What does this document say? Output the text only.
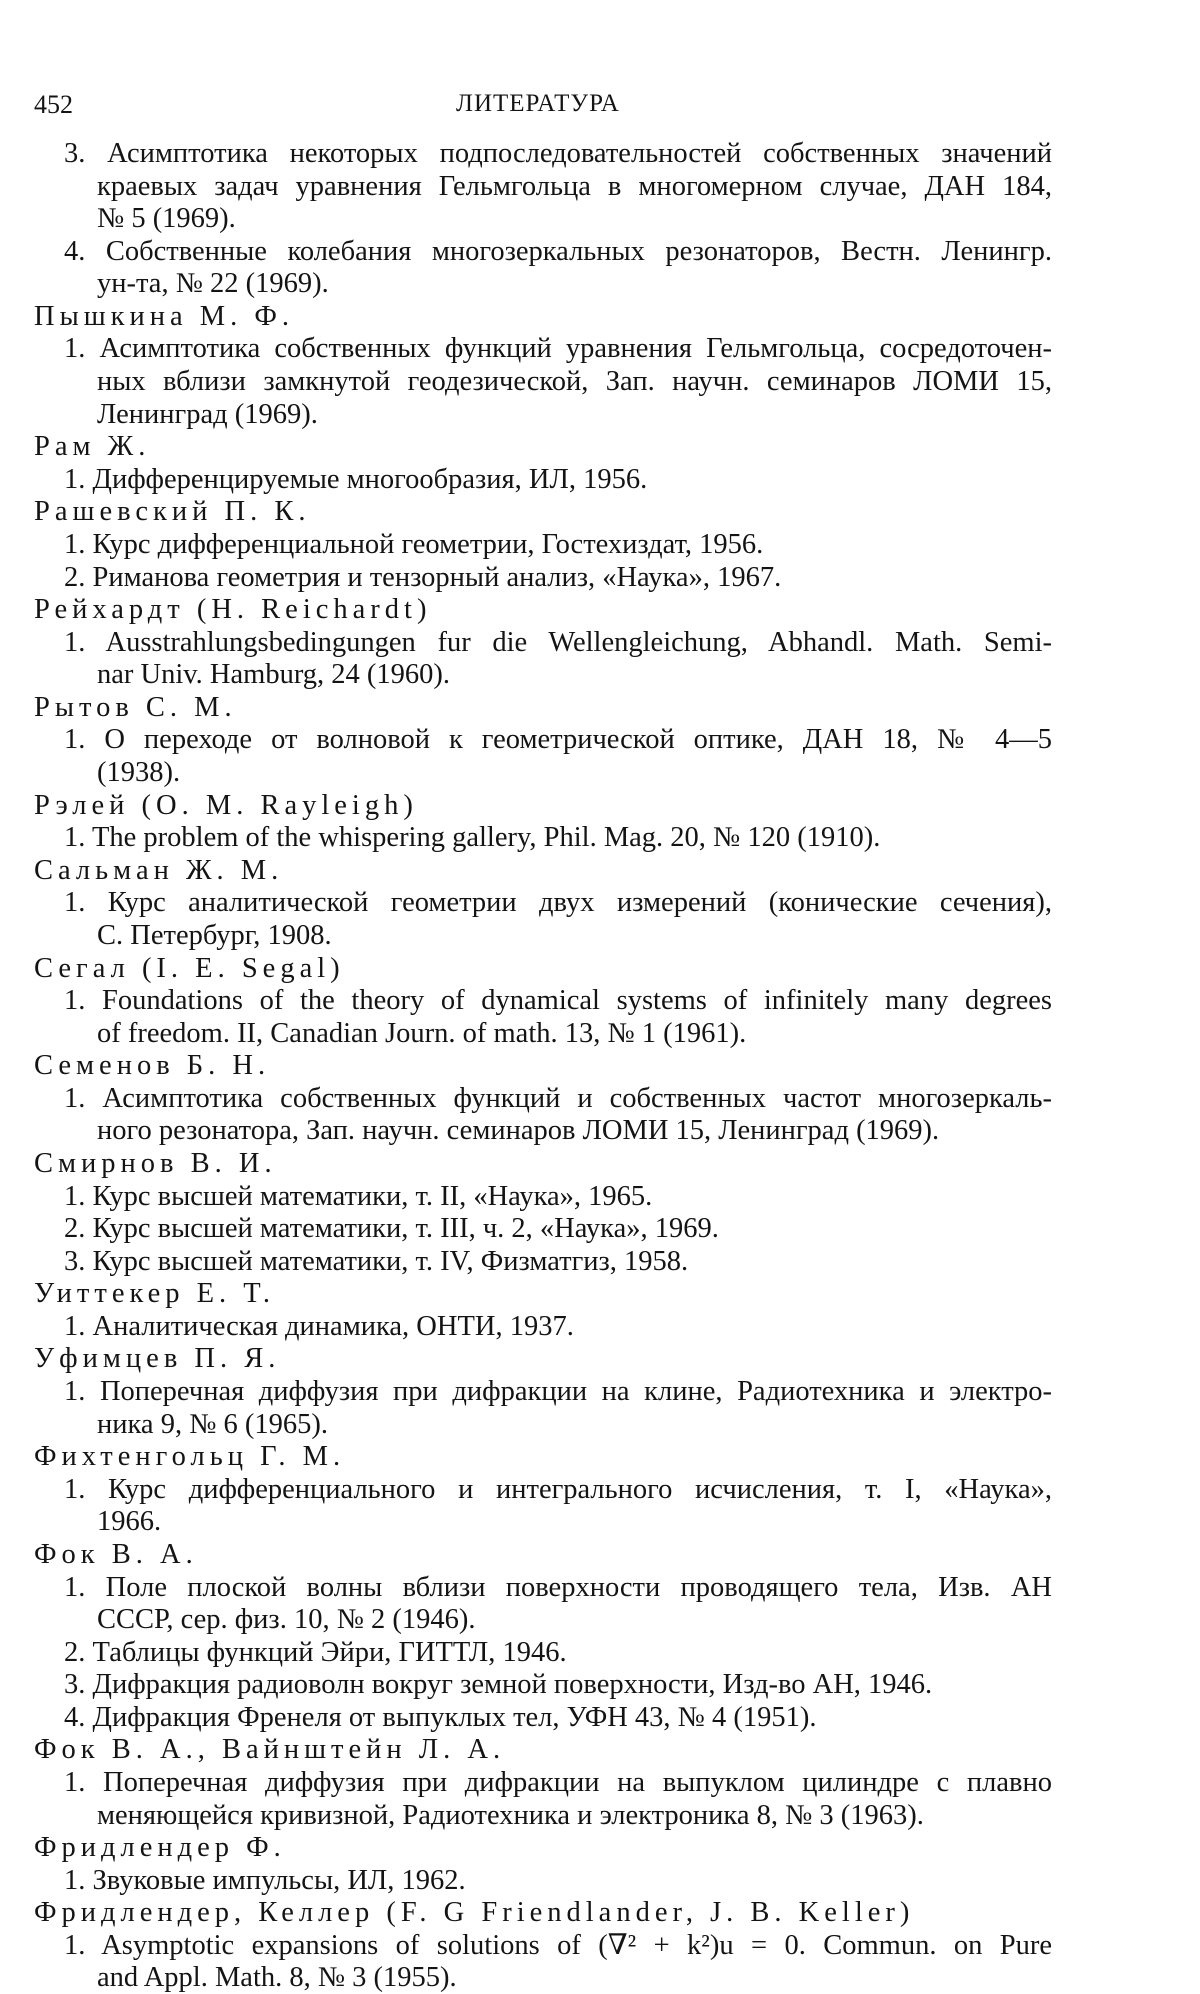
452	ЛИТЕРАТУРА
3. Асимптотика некоторых подпоследовательностей собственных значений
краевых задач уравнения Гельмгольца в многомерном случае, ДАН 184,
№ 5 (1969).
4. Собственные колебания многозеркальных резонаторов, Вестн. Ленингр.
ун-та, № 22 (1969).
Пышкина М. Ф.
1. Асимптотика собственных функций уравнения Гельмгольца, сосредоточен-
ных вблизи замкнутой геодезической, Зап. научн. семинаров ЛОМИ 15,
Ленинград (1969).
Рам Ж.
1. Дифференцируемые многообразия, ИЛ, 1956.
Рашевский П. К.
1. Курс дифференциальной геометрии, Гостехиздат, 1956.
2. Риманова геометрия и тензорный анализ, «Наука», 1967.
Рейхардт (H. Reichardt)
1. Ausstrahlungsbedingungen fur die Wellengleichung, Abhandl. Math. Semi-
nar Univ. Hamburg, 24 (1960).
Рытов С. М.
1. О переходе от волновой к геометрической оптике, ДАН 18, № 4—5
(1938).
Рэлей (О. M. Rayleigh)
1. The problem of the whispering gallery, Phil. Mag. 20, № 120 (1910).
Сальман Ж. М.
1. Курс аналитической геометрии двух измерений (конические сечения),
С. Петербург, 1908.
Сегал (I. E. Segal)
1. Foundations of the theory of dynamical systems of infinitely many degrees
of freedom. II, Canadian Journ. of math. 13, № 1 (1961).
Семенов Б. Н.
1. Асимптотика собственных функций и собственных частот многозеркаль-
ного резонатора, Зап. научн. семинаров ЛОМИ 15, Ленинград (1969).
Смирнов В. И.
1. Курс высшей математики, т. II, «Наука», 1965.
2. Курс высшей математики, т. III, ч. 2, «Наука», 1969.
3. Курс высшей математики, т. IV, Физматгиз, 1958.
Уиттекер Е. Т.
1. Аналитическая динамика, ОНТИ, 1937.
Уфимцев П. Я.
1. Поперечная диффузия при дифракции на клине, Радиотехника и электро-
ника 9, № 6 (1965).
Фихтенгольц Г. М.
1. Курс дифференциального и интегрального исчисления, т. I, «Наука»,
1966.
Фок В. А.
1. Поле плоской волны вблизи поверхности проводящего тела, Изв. АН
СССР, сер. физ. 10, № 2 (1946).
2. Таблицы функций Эйри, ГИТТЛ, 1946.
3. Дифракция радиоволн вокруг земной поверхности, Изд-во АН, 1946.
4. Дифракция Френеля от выпуклых тел, УФН 43, № 4 (1951).
Фок В. А., Вайнштейн Л. А.
1. Поперечная диффузия при дифракции на выпуклом цилиндре с плавно
меняющейся кривизной, Радиотехника и электроника 8, № 3 (1963).
Фридлендер Ф.
1. Звуковые импульсы, ИЛ, 1962.
Фридлендер, Келлер (F. G Friendlander, J. B. Keller)
1. Asymptotic expansions of solutions of (∇² + k²)u = 0. Commun. on Pure
and Appl. Math. 8, № 3 (1955).
